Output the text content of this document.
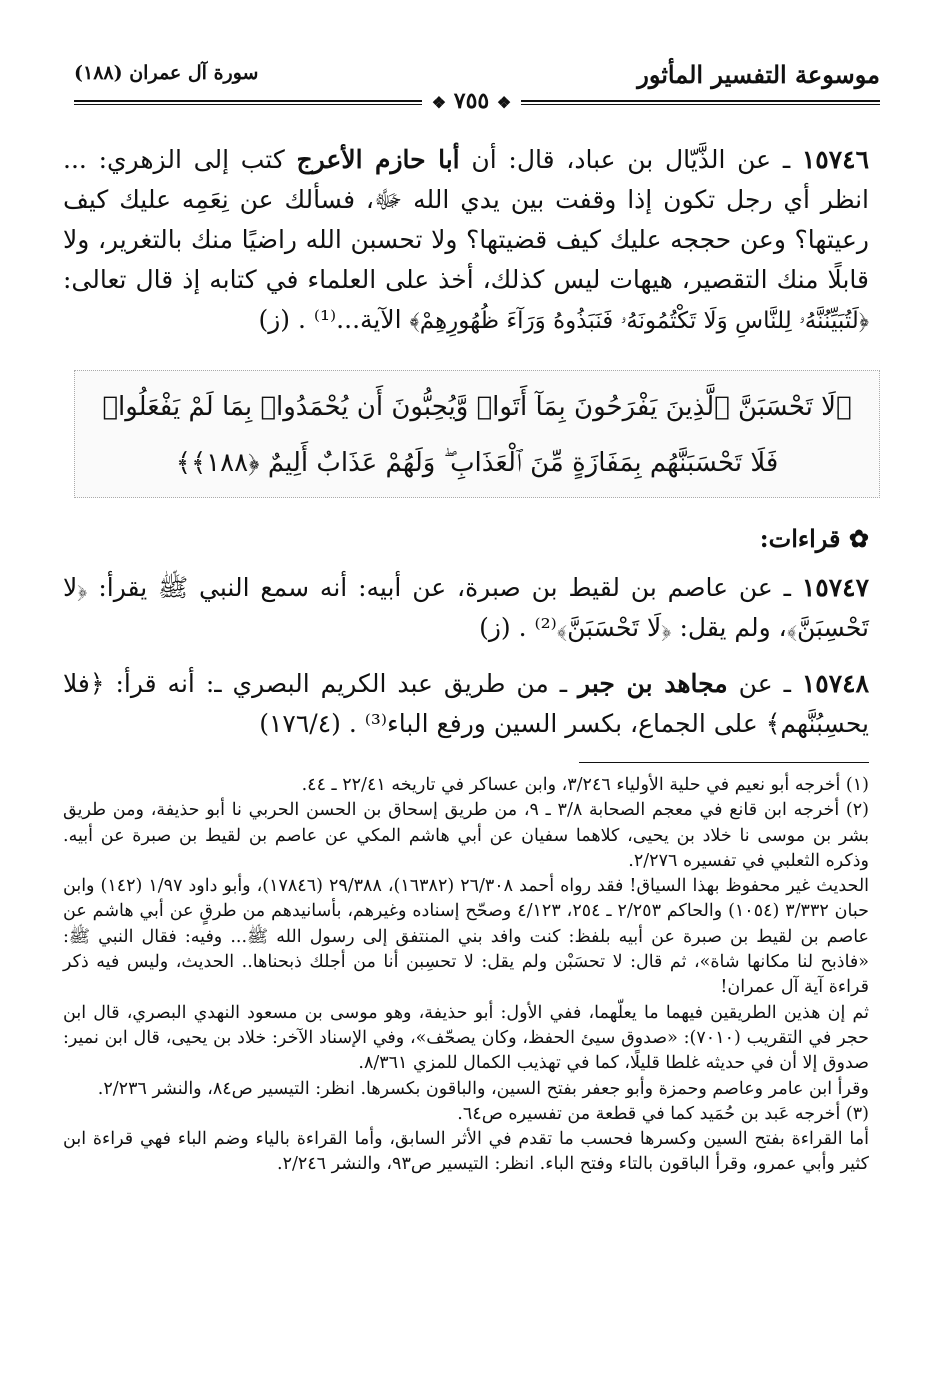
موسوعة التفسير المأثور
سورة آل عمران (١٨٨)
❖ ٧٥٥ ❖
١٥٧٤٦ ـ عن الذَّيّال بن عباد، قال: أن أبا حازم الأعرج كتب إلى الزهري: ... انظر أي رجل تكون إذا وقفت بين يدي الله ﷻ، فسألك عن نِعَمِه عليك كيف رعيتها؟ وعن حججه عليك كيف قضيتها؟ ولا تحسبن الله راضيًا منك بالتغرير، ولا قابلًا منك التقصير، هيهات ليس كذلك، أخذ على العلماء في كتابه إذ قال تعالى: ﴿لَتُبَيِّنُنَّهُۥ لِلنَّاسِ وَلَا تَكْتُمُونَهُۥ فَنَبَذُوهُ وَرَآءَ ظُهُورِهِمْ﴾ الآية...⁽¹⁾ . (ز)
﴿لَا تَحْسَبَنَّ ٱلَّذِينَ يَفْرَحُونَ بِمَآ أَتَوا۟ وَّيُحِبُّونَ أَن يُحْمَدُوا۟ بِمَا لَمْ يَفْعَلُوا۟
فَلَا تَحْسَبَنَّهُم بِمَفَازَةٍ مِّنَ ٱلْعَذَابِ ۖ وَلَهُمْ عَذَابٌ أَلِيمٌ ﴿١٨٨﴾﴾
✿ قراءات:
١٥٧٤٧ ـ عن عاصم بن لقيط بن صبرة، عن أبيه: أنه سمع النبي ﷺ يقرأ: ﴿لا تَحْسِبَنَّ﴾، ولم يقل: ﴿لَا تَحْسَبَنَّ﴾⁽²⁾ . (ز)
١٥٧٤٨ ـ عن مجاهد بن جبر ـ من طريق عبد الكريم البصري ـ: أنه قرأ: ﴿فلا يحسِبُنَّهم﴾ على الجماع، بكسر السين ورفع الباء⁽³⁾ . (١٧٦/٤)
(١) أخرجه أبو نعيم في حلية الأولياء ٣/٢٤٦، وابن عساكر في تاريخه ٢٢/٤١ ـ ٤٤.
(٢) أخرجه ابن قانع في معجم الصحابة ٣/٨ ـ ٩، من طريق إسحاق بن الحسن الحربي نا أبو حذيفة، ومن طريق بشر بن موسى نا خلاد بن يحيى، كلاهما سفيان عن أبي هاشم المكي عن عاصم بن لقيط بن صبرة عن أبيه. وذكره الثعلبي في تفسيره ٢/٢٧٦.
الحديث غير محفوظ بهذا السياق! فقد رواه أحمد ٢٦/٣٠٨ (١٦٣٨٢)، ٢٩/٣٨٨ (١٧٨٤٦)، وأبو داود ١/٩٧ (١٤٢) وابن حبان ٣/٣٣٢ (١٠٥٤) والحاكم ٢/٢٥٣ ـ ٢٥٤، ٤/١٢٣ وصحّح إسناده وغيرهم، بأسانيدهم من طرقٍ عن أبي هاشم عن عاصم بن لقيط بن صبرة عن أبيه بلفظ: كنت وافد بني المنتفق إلى رسول الله ﷺ... وفيه: فقال النبي ﷺ: «فاذبح لنا مكانها شاة»، ثم قال: لا تحسَبْن ولم يقل: لا تحسِبن أنا من أجلك ذبحناها.. الحديث، وليس فيه ذكر قراءة آية آل عمران!
ثم إن هذين الطريقين فيهما ما يعلّهما، ففي الأول: أبو حذيفة، وهو موسى بن مسعود النهدي البصري، قال ابن حجر في التقريب (٧٠١٠): «صدوق سيئ الحفظ، وكان يصحّف»، وفي الإسناد الآخر: خلاد بن يحيى، قال ابن نمير: صدوق إلا أن في حديثه غلطا قليلًا، كما في تهذيب الكمال للمزي ٨/٣٦١.
وقرأ ابن عامر وعاصم وحمزة وأبو جعفر بفتح السين، والباقون بكسرها. انظر: التيسير ص٨٤، والنشر ٢/٢٣٦.
(٣) أخرجه عَبد بن حُمَيد كما في قطعة من تفسيره ص٦٤.
أما القراءة بفتح السين وكسرها فحسب ما تقدم في الأثر السابق، وأما القراءة بالياء وضم الباء فهي قراءة ابن كثير وأبي عمرو، وقرأ الباقون بالتاء وفتح الباء. انظر: التيسير ص٩٣، والنشر ٢/٢٤٦.
